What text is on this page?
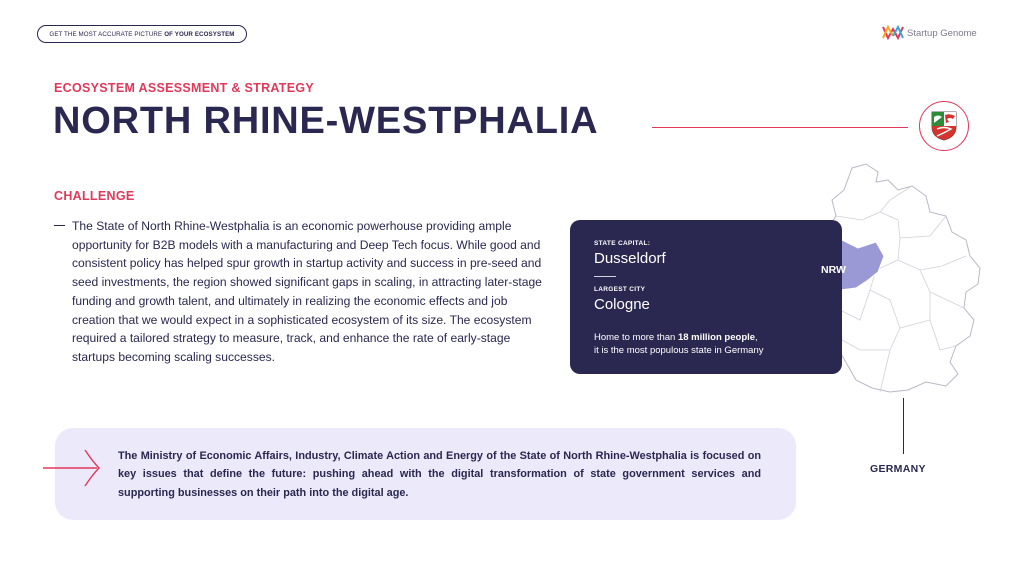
GET THE MOST ACCURATE PICTURE OF YOUR ECOSYSTEM	Startup Genome
ECOSYSTEM ASSESSMENT & STRATEGY
NORTH RHINE-WESTPHALIA
CHALLENGE
The State of North Rhine-Westphalia is an economic powerhouse providing ample opportunity for B2B models with a manufacturing and Deep Tech focus. While good and consistent policy has helped spur growth in startup activity and success in pre-seed and seed investments, the region showed significant gaps in scaling, in attracting later-stage funding and growth talent, and ultimately in realizing the economic effects and job creation that we would expect in a sophisticated ecosystem of its size. The ecosystem required a tailored strategy to measure, track, and enhance the rate of early-stage startups becoming scaling successes.
STATE CAPITAL:
Dusseldorf
LARGEST CITY
Cologne
Home to more than 18 million people,
it is the most populous state in Germany
NRW
GERMANY
The Ministry of Economic Affairs, Industry, Climate Action and Energy of the State of North Rhine-Westphalia is focused on key issues that define the future: pushing ahead with the digital transformation of state government services and supporting businesses on their path into the digital age.
